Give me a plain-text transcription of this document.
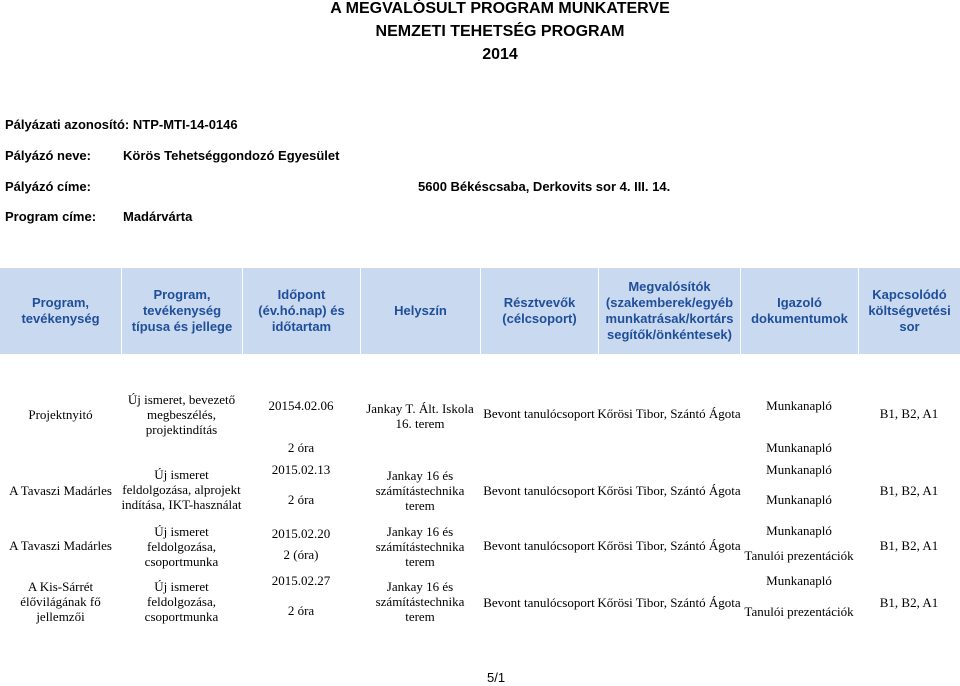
A MEGVALÓSULT PROGRAM MUNKATERVE
NEMZETI TEHETSÉG PROGRAM
2014
Pályázati azonosító: NTP-MTI-14-0146
Pályázó neve: Körös Tehetséggondozó Egyesület
Pályázó címe:	5600 Békéscsaba, Derkovits sor 4. III. 14.
Program címe: Madárvárta
Program, tevékenység
Program, tevékenység típusa és jellege
Időpont (év.hó.nap) és időtartam
Helyszín
Résztvevők (célcsoport)
Megvalósítók (szakemberek/egyéb munkatrásak/kortárs segítők/önkéntesek)
Igazoló dokumentumok
Kapcsolódó költségvetési sor
Projektnyitó
Új ismeret, bevezető megbeszélés, projektindítás
20154.02.06
2 óra
Jankay T. Ált. Iskola 16. terem
Bevont tanulócsoport Kőrösi Tibor, Szántó Ágota
Munkanapló
Munkanapló
B1, B2, A1
A Tavaszi Madárles
Új ismeret feldolgozása, alprojekt indítása, IKT-használat
2015.02.13
2 óra
Jankay 16 és számítástechnika terem
Bevont tanulócsoport Kőrösi Tibor, Szántó Ágota
Munkanapló
Munkanapló
B1, B2, A1
A Tavaszi Madárles
Új ismeret feldolgozása, csoportmunka
2015.02.20
2 (óra)
Jankay 16 és számítástechnika terem
Bevont tanulócsoport Kőrösi Tibor, Szántó Ágota
Munkanapló
Tanulói prezentációk
B1, B2, A1
A Kis-Sárrét élővilágának fő jellemzői
Új ismeret feldolgozása, csoportmunka
2015.02.27
2 óra
Jankay 16 és számítástechnika terem
Bevont tanulócsoport Kőrösi Tibor, Szántó Ágota
Munkanapló
Tanulói prezentációk
B1, B2, A1
5/1
